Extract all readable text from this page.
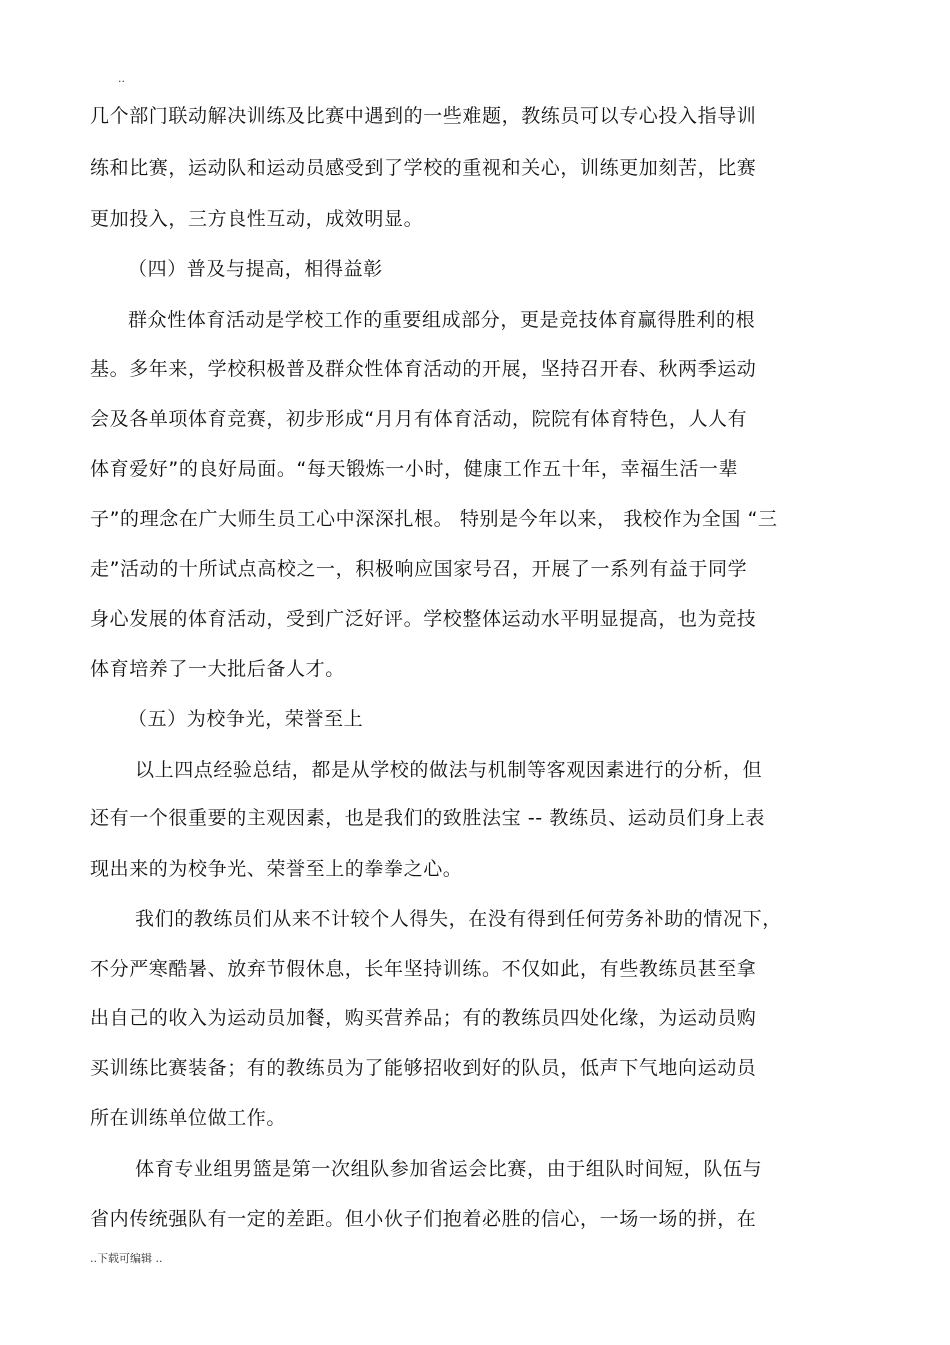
..
几个部门联动解决训练及比赛中遇到的一些难题，教练员可以专心投入指导训
练和比赛，运动队和运动员感受到了学校的重视和关心，训练更加刻苦，比赛
更加投入，三方良性互动，成效明显。
（四）普及与提高，相得益彰
群众性体育活动是学校工作的重要组成部分，更是竞技体育赢得胜利的根
基。多年来，学校积极普及群众性体育活动的开展，坚持召开春、秋两季运动
会及各单项体育竞赛，初步形成“月月有体育活动，院院有体育特色，人人有
体育爱好”的良好局面。“每天锻炼一小时，健康工作五十年，幸福生活一辈
子”的理念在广大师生员工心中深深扎根。 特别是今年以来， 我校作为全国 “三
走”活动的十所试点高校之一，积极响应国家号召，开展了一系列有益于同学
身心发展的体育活动，受到广泛好评。学校整体运动水平明显提高，也为竞技
体育培养了一大批后备人才。
（五）为校争光，荣誉至上
以上四点经验总结，都是从学校的做法与机制等客观因素进行的分析，但
还有一个很重要的主观因素，也是我们的致胜法宝 -- 教练员、运动员们身上表
现出来的为校争光、荣誉至上的拳拳之心。
我们的教练员们从来不计较个人得失，在没有得到任何劳务补助的情况下，
不分严寒酷暑、放弃节假休息，长年坚持训练。不仅如此，有些教练员甚至拿
出自己的收入为运动员加餐，购买营养品；有的教练员四处化缘，为运动员购
买训练比赛装备；有的教练员为了能够招收到好的队员，低声下气地向运动员
所在训练单位做工作。
体育专业组男篮是第一次组队参加省运会比赛，由于组队时间短，队伍与
省内传统强队有一定的差距。但小伙子们抱着必胜的信心，一场一场的拼，在
..下载可编辑 ..
